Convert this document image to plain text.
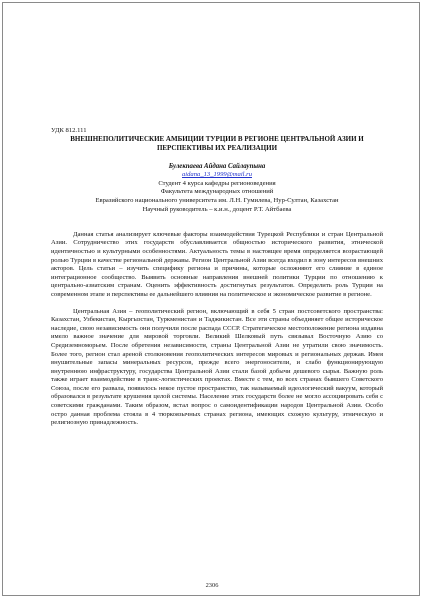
УДК 812.111
ВНЕШНЕПОЛИТИЧЕСКИЕ АМБИЦИИ ТУРЦИИ В РЕГИОНЕ ЦЕНТРАЛЬНОЙ АЗИИ И ПЕРСПЕКТИВЫ ИХ РЕАЛИЗАЦИИ
Булекпаева Айдана Сайлаупына
aidana_13_1999@mail.ru
Студент 4 курса кафедры регионоведения
Факультета международных отношений
Евразийского национального университета им. Л.Н. Гумилева, Нур-Султан, Казахстан
Научный руководитель – к.и.н., доцент Р.Т. Айтбаева

Данная статья анализирует ключевые факторы взаимодействия Турецкой Республики и стран Центральной Азии. Сотрудничество этих государств обуславливается общностью исторического развития, этнической идентичностью и культурными особенностями. Актуальность темы в настоящее время определяется возрастающей ролью Турции в качестве региональной державы. Регион Центральной Азии всегда входил в зону интересов внешних акторов. Цель статьи – изучить специфику региона и причины, которые осложняют его слияние в единое интеграционное сообщество. Выявить основные направления внешней политики Турции по отношению к центрально-азиатским странам. Оценить эффективность достигнутых результатов. Определить роль Турции на современном этапе и перспективы ее дальнейшего влияния на политическое и экономическое развитие в регионе.

Центральная Азия – геополитический регион, включающий в себя 5 стран постсоветского пространства: Казахстан, Узбекистан, Кыргызстан, Туркменистан и Таджикистан. Все эти страны объединяет общее историческое наследие, свою независимость они получили после распада СССР. Стратегическое местоположение региона издавна имело важное значение для мировой торговли. Великий Шелковый путь связывал Восточную Азию со Средиземноморьем. После обретения независимости, страны Центральной Азии не утратили свою значимость. Более того, регион стал ареной столкновения геополитических интересов мировых и региональных держав. Имея внушительные запасы минеральных ресурсов, прежде всего энергоносители, и слабо функционирующую внутреннюю инфраструктуру, государства Центральной Азии стали базой добычи дешевого сырья. Важную роль также играет взаимодействие в транс-логистических проектах. Вместе с тем, во всех странах бывшего Советского Союза, после его развала, появилось некое пустое пространство, так называемый идеологический вакуум, который образовался в результате крушения целой системы. Население этих государств более не могло ассоциировать себя с советскими гражданами. Таким образом, встал вопрос о самоидентификации народов Центральной Азии. Особо остро данная проблема стояла в 4 тюркоязычных странах региона, имеющих схожую культуру, этническую и религиозную принадлежность.

2306
